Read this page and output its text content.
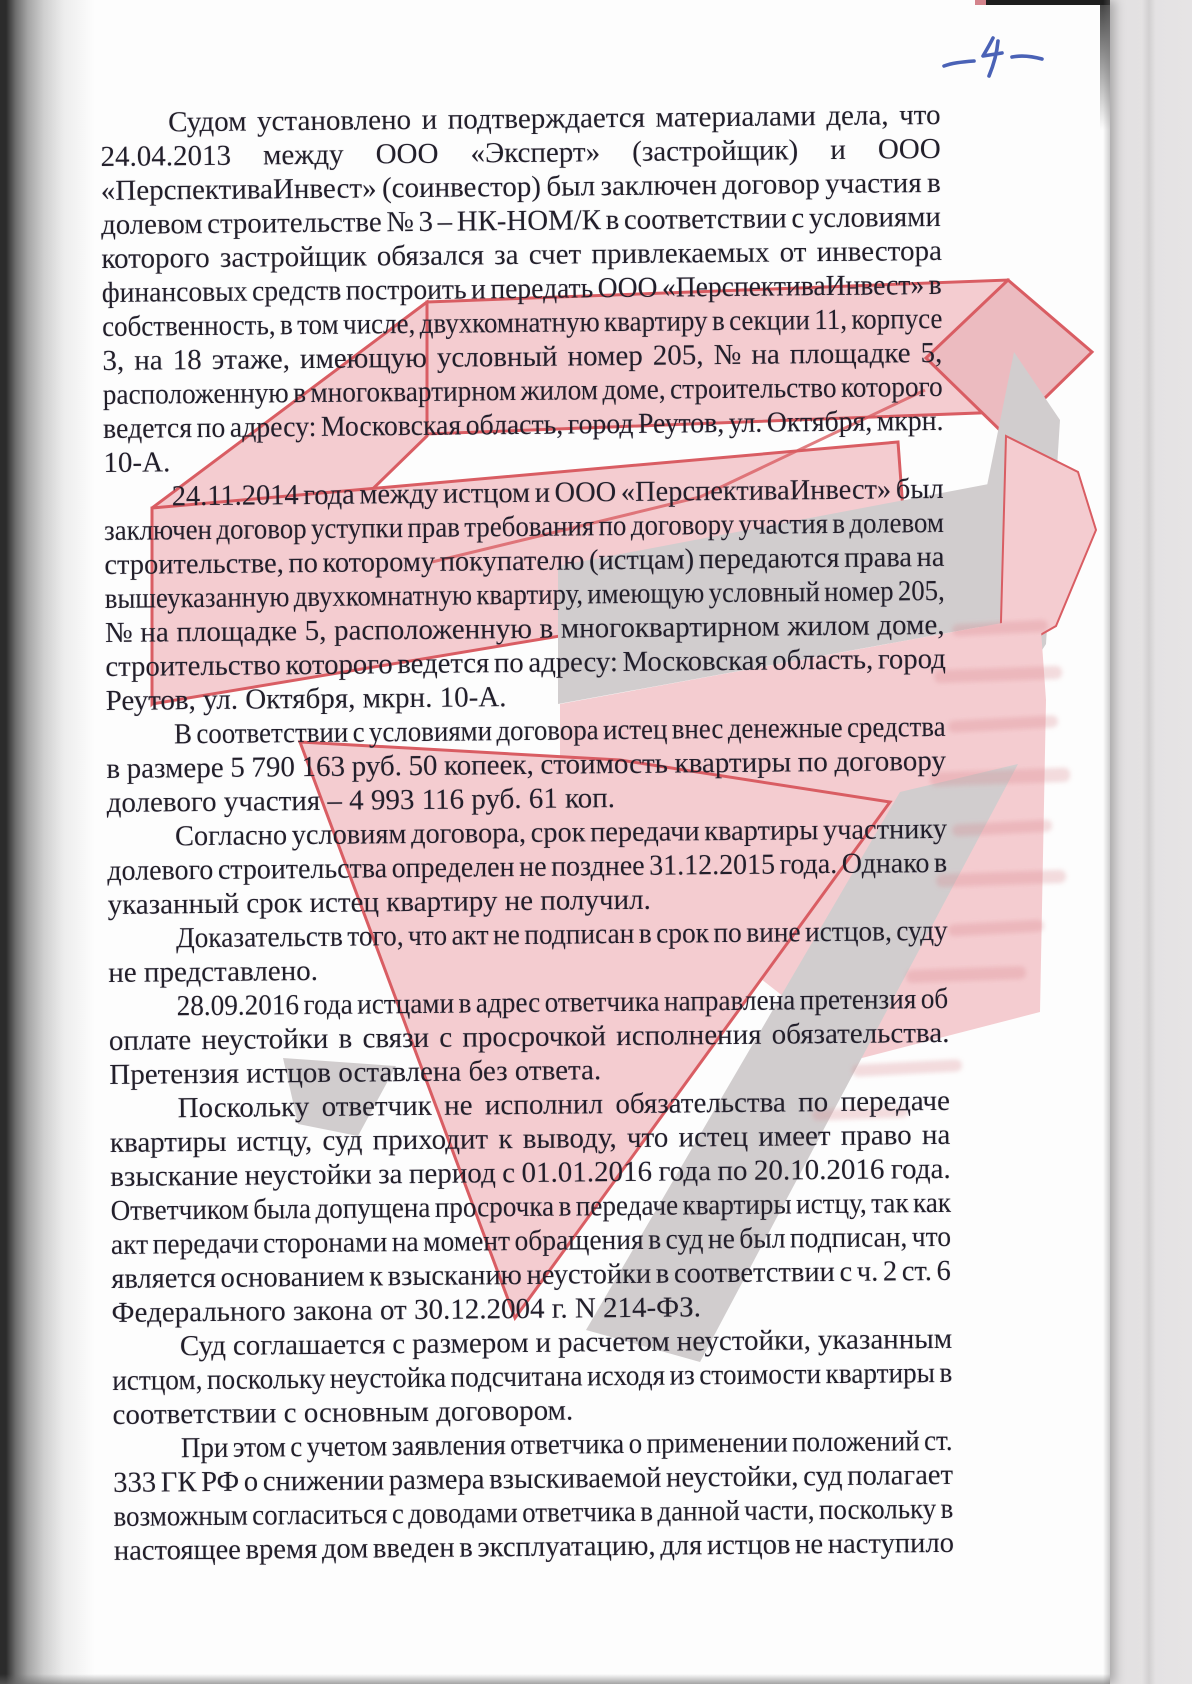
Судом установлено и подтверждается материалами дела, что
24.04.2013 между ООО «Эксперт» (застройщик) и ООО
«ПерспективаИнвест» (соинвестор) был заключен договор участия в
долевом строительстве № 3 – НК-НОМ/К в соответствии с условиями
которого застройщик обязался за счет привлекаемых от инвестора
финансовых средств построить и передать ООО «ПерспективаИнвест» в
собственность, в том числе, двухкомнатную квартиру в секции 11, корпусе
3, на 18 этаже, имеющую условный номер 205, № на площадке 5,
расположенную в многоквартирном жилом доме, строительство которого
ведется по адресу: Московская область, город Реутов, ул. Октября, мкрн.
10-А.
24.11.2014 года между истцом и ООО «ПерспективаИнвест» был
заключен договор уступки прав требования по договору участия в долевом
строительстве, по которому покупателю (истцам) передаются права на
вышеуказанную двухкомнатную квартиру, имеющую условный номер 205,
№ на площадке 5, расположенную в многоквартирном жилом доме,
строительство которого ведется по адресу: Московская область, город
Реутов, ул. Октября, мкрн. 10-А.
В соответствии с условиями договора истец внес денежные средства
в размере 5 790 163 руб. 50 копеек, стоимость квартиры по договору
долевого участия – 4 993 116 руб. 61 коп.
Согласно условиям договора, срок передачи квартиры участнику
долевого строительства определен не позднее 31.12.2015 года. Однако в
указанный срок истец квартиру не получил.
Доказательств того, что акт не подписан в срок по вине истцов, суду
не представлено.
28.09.2016 года истцами в адрес ответчика направлена претензия об
оплате неустойки в связи с просрочкой исполнения обязательства.
Претензия истцов оставлена без ответа.
Поскольку ответчик не исполнил обязательства по передаче
квартиры истцу, суд приходит к выводу, что истец имеет право на
взыскание неустойки за период с 01.01.2016 года по 20.10.2016 года.
Ответчиком была допущена просрочка в передаче квартиры истцу, так как
акт передачи сторонами на момент обращения в суд не был подписан, что
является основанием к взысканию неустойки в соответствии с ч. 2 ст. 6
Федерального закона от 30.12.2004 г. N 214-ФЗ.
Суд соглашается с размером и расчетом неустойки, указанным
истцом, поскольку неустойка подсчитана исходя из стоимости квартиры в
соответствии с основным договором.
При этом с учетом заявления ответчика о применении положений ст.
333 ГК РФ о снижении размера взыскиваемой неустойки, суд полагает
возможным согласиться с доводами ответчика в данной части, поскольку в
настоящее время дом введен в эксплуатацию, для истцов не наступило
